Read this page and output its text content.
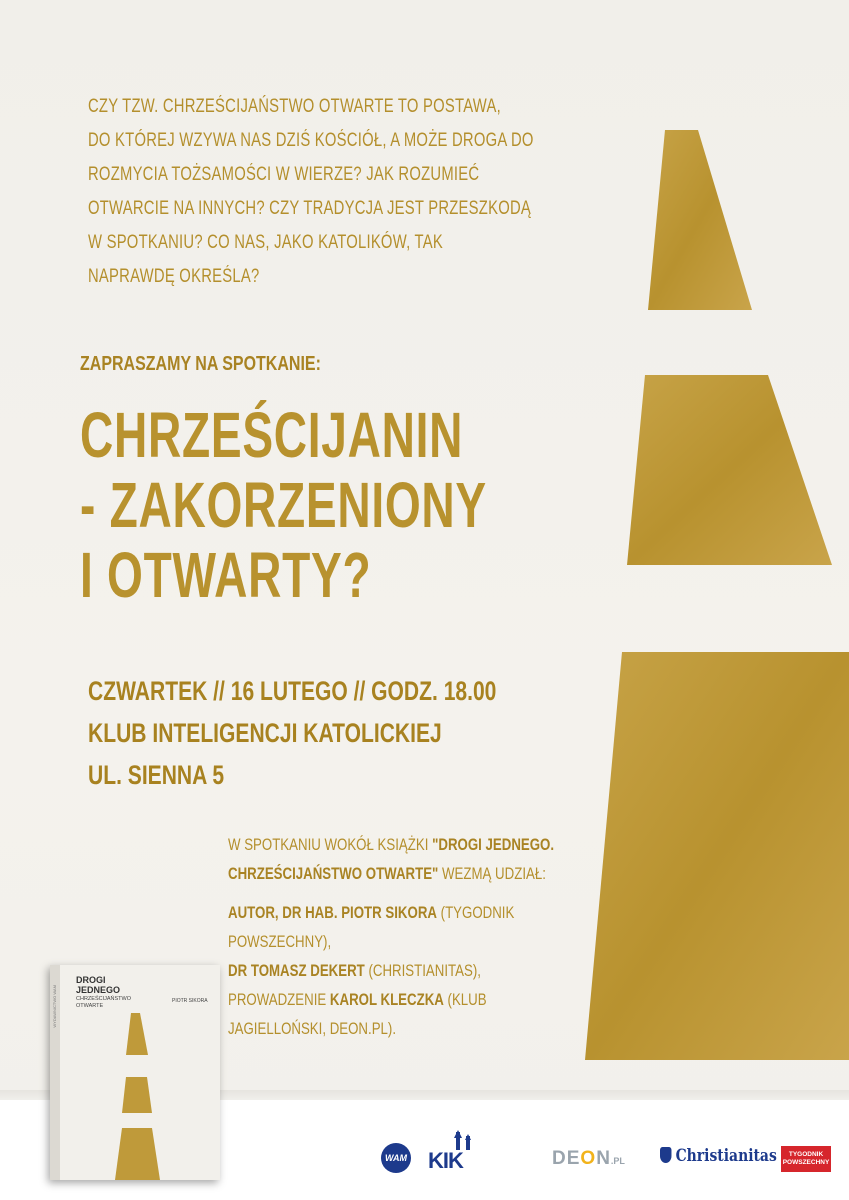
CZY TZW. CHRZEŚCIJAŃSTWO OTWARTE TO POSTAWA,
DO KTÓREJ WZYWA NAS DZIŚ KOŚCIÓŁ, A MOŻE DROGA DO
ROZMYCIA TOŻSAMOŚCI W WIERZE? JAK ROZUMIEĆ
OTWARCIE NA INNYCH? CZY TRADYCJA JEST PRZESZKODĄ
W SPOTKANIU? CO NAS, JAKO KATOLIKÓW, TAK
NAPRAWDĘ OKREŚLA?
ZAPRASZAMY NA SPOTKANIE:
CHRZEŚCIJANIN
- ZAKORZENIONY
I OTWARTY?
CZWARTEK // 16 LUTEGO // GODZ. 18.00
KLUB INTELIGENCJI KATOLICKIEJ
UL. SIENNA 5
W SPOTKANIU WOKÓŁ KSIĄŻKI "DROGI JEDNEGO.
CHRZEŚCIJAŃSTWO OTWARTE" WEZMĄ UDZIAŁ:
AUTOR, DR HAB. PIOTR SIKORA (TYGODNIK
POWSZECHNY),
DR TOMASZ DEKERT (CHRISTIANITAS),
PROWADZENIE KAROL KLECZKA (KLUB
JAGIELLOŃSKI, DEON.PL).
WYDAWNICTWO WAM
DROGI
JEDNEGO
CHRZEŚCIJAŃSTWO
OTWARTE
PIOTR SIKORA
WAM KIK	DEON.PL	Christianitas TYGODNIK
POWSZECHNY
